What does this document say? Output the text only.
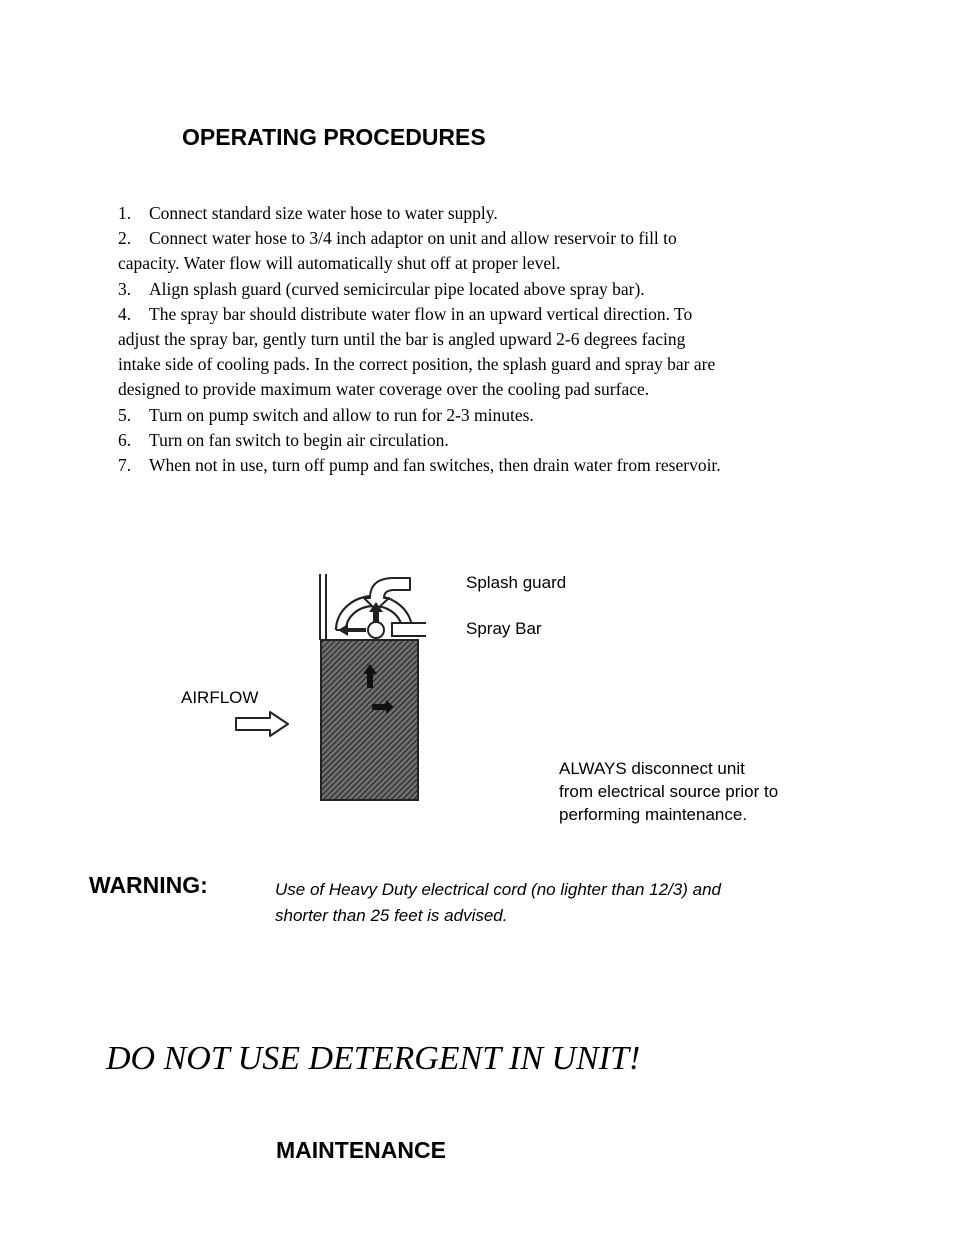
OPERATING PROCEDURES
1.	Connect standard size water hose to water supply.
2.	Connect water hose to 3/4 inch adaptor on unit and allow reservoir to fill to
capacity. Water flow will automatically shut off at proper level.
3.	Align splash guard (curved semicircular pipe located above spray bar).
4.	The spray bar should distribute water flow in an upward vertical direction. To
adjust the spray bar, gently turn until the bar is angled upward 2-6 degrees facing
intake side of cooling pads. In the correct position, the splash guard and spray bar are
designed to provide maximum water coverage over the cooling pad surface.
5.	Turn on pump switch and allow to run for 2-3 minutes.
6.	Turn on fan switch to begin air circulation.
7.	When not in use, turn off pump and fan switches, then drain water from reservoir.
Splash guard
Spray Bar
AIRFLOW
ALWAYS disconnect unit
from electrical source prior to
performing maintenance.
WARNING:	Use of Heavy Duty electrical cord (no lighter than 12/3) and
shorter than 25 feet is advised.
DO NOT USE DETERGENT IN UNIT!
MAINTENANCE
